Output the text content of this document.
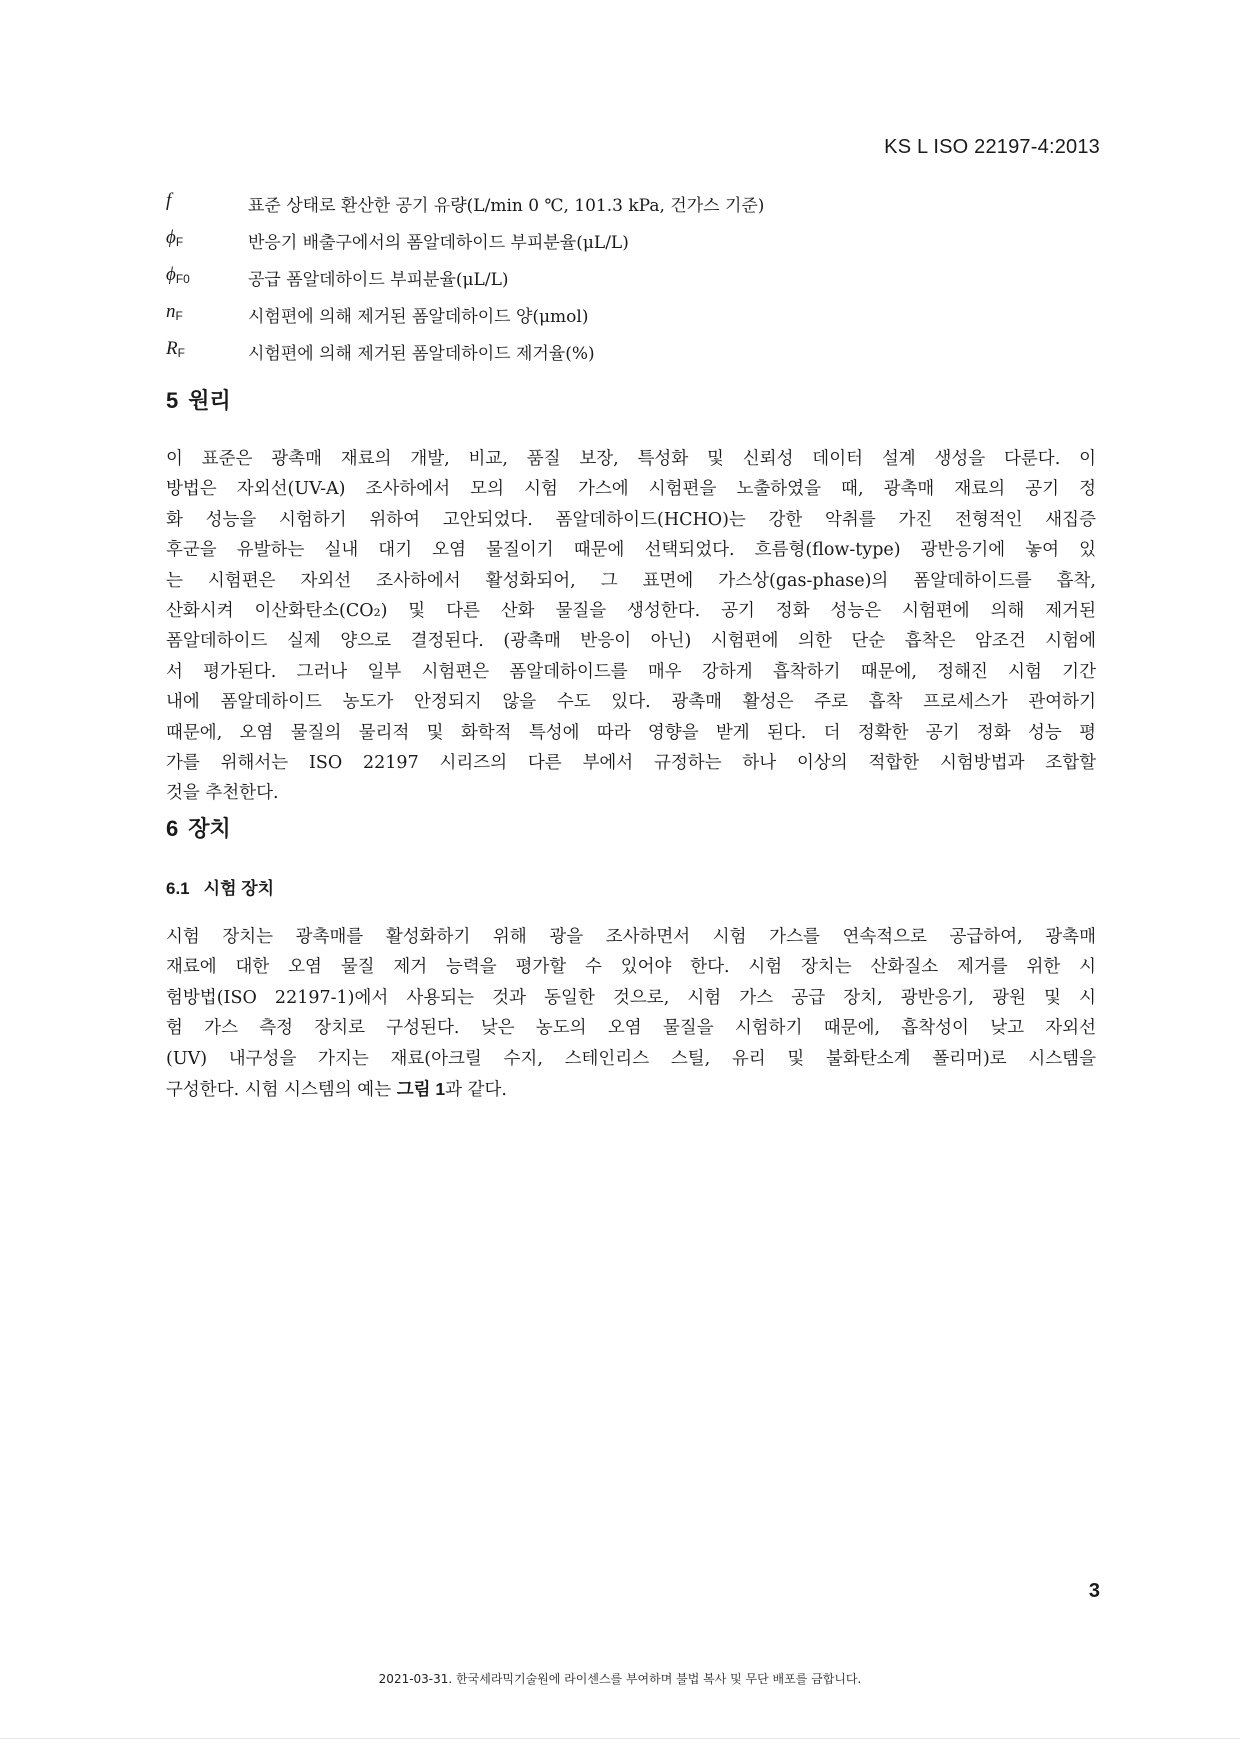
KS L ISO 22197-4:2013
f	표준 상태로 환산한 공기 유량(L/min 0 ℃, 101.3 kPa, 건가스 기준)
$\phi_F$	반응기 배출구에서의 폼알데하이드 부피분율(μL/L)
$\phi_{F0}$	공급 폼알데하이드 부피분율(μL/L)
$n_F$	시험편에 의해 제거된 폼알데하이드 양(μmol)
$R_F$	시험편에 의해 제거된 폼알데하이드 제거율(%)
5 원리
이 표준은 광촉매 재료의 개발, 비교, 품질 보장, 특성화 및 신뢰성 데이터 설계 생성을 다룬다. 이
방법은 자외선(UV-A) 조사하에서 모의 시험 가스에 시험편을 노출하였을 때, 광촉매 재료의 공기 정
화 성능을 시험하기 위하여 고안되었다. 폼알데하이드(HCHO)는 강한 악취를 가진 전형적인 새집증
후군을 유발하는 실내 대기 오염 물질이기 때문에 선택되었다. 흐름형(flow-type) 광반응기에 놓여 있
는 시험편은 자외선 조사하에서 활성화되어, 그 표면에 가스상(gas-phase)의 폼알데하이드를 흡착,
산화시켜 이산화탄소(CO₂) 및 다른 산화 물질을 생성한다. 공기 정화 성능은 시험편에 의해 제거된
폼알데하이드 실제 양으로 결정된다. (광촉매 반응이 아닌) 시험편에 의한 단순 흡착은 암조건 시험에
서 평가된다. 그러나 일부 시험편은 폼알데하이드를 매우 강하게 흡착하기 때문에, 정해진 시험 기간
내에 폼알데하이드 농도가 안정되지 않을 수도 있다. 광촉매 활성은 주로 흡착 프로세스가 관여하기
때문에, 오염 물질의 물리적 및 화학적 특성에 따라 영향을 받게 된다. 더 정확한 공기 정화 성능 평
가를 위해서는 ISO 22197 시리즈의 다른 부에서 규정하는 하나 이상의 적합한 시험방법과 조합할
것을 추천한다.
6 장치
6.1 시험 장치
시험 장치는 광촉매를 활성화하기 위해 광을 조사하면서 시험 가스를 연속적으로 공급하여, 광촉매
재료에 대한 오염 물질 제거 능력을 평가할 수 있어야 한다. 시험 장치는 산화질소 제거를 위한 시
험방법(ISO 22197-1)에서 사용되는 것과 동일한 것으로, 시험 가스 공급 장치, 광반응기, 광원 및 시
험 가스 측정 장치로 구성된다. 낮은 농도의 오염 물질을 시험하기 때문에, 흡착성이 낮고 자외선
(UV) 내구성을 가지는 재료(아크릴 수지, 스테인리스 스틸, 유리 및 불화탄소계 폴리머)로 시스템을
구성한다. 시험 시스템의 예는 그림 1과 같다.
3
2021-03-31. 한국세라믹기술원에 라이센스를 부여하며 불법 복사 및 무단 배포를 금합니다.
